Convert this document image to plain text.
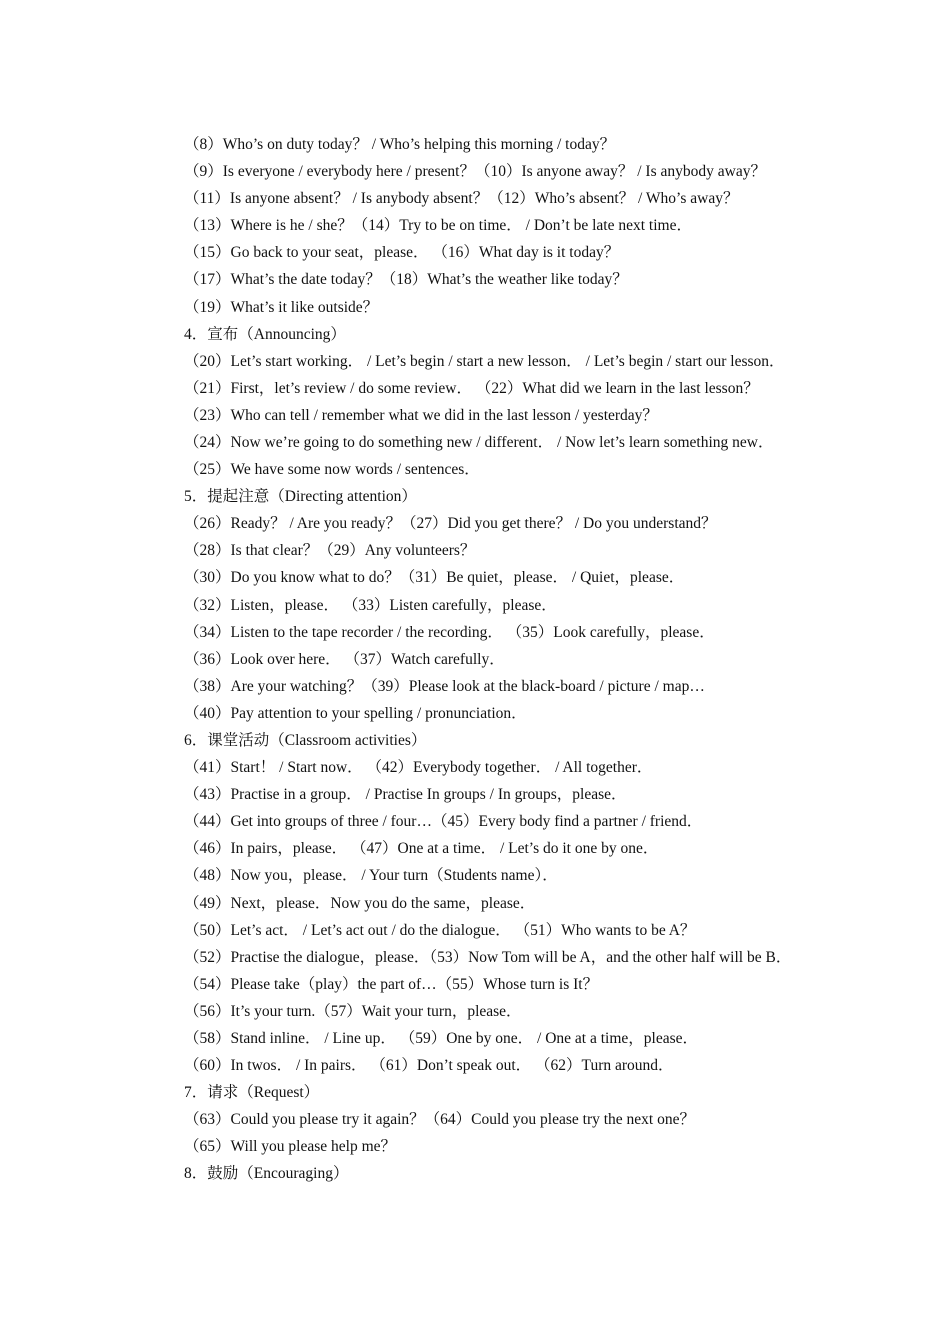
（8）Who’s on duty today？ / Who’s helping this morning / today？
（9）Is everyone / everybody here / present？（10）Is anyone away？ / Is anybody away？
（11）Is anyone absent？ / Is anybody absent？（12）Who’s absent？ / Who’s away？
（13）Where is he / she？（14）Try to be on time． / Don’t be late next time．
（15）Go back to your seat，please． （16）What day is it today？
（17）What’s the date today？（18）What’s the weather like today？
（19）What’s it like outside？
4．宣布（Announcing）
（20）Let’s start working． / Let’s begin / start a new lesson． / Let’s begin / start our lesson．
（21）First，let’s review / do some review． （22）What did we learn in the last lesson？
（23）Who can tell / remember what we did in the last lesson / yesterday？
（24）Now we’re going to do something new / different． / Now let’s learn something new．
（25）We have some now words / sentences．
5．提起注意（Directing attention）
（26）Ready？ / Are you ready？（27）Did you get there？ / Do you understand？
（28）Is that clear？（29）Any volunteers？
（30）Do you know what to do？（31）Be quiet，please． / Quiet，please．
（32）Listen，please． （33）Listen carefully，please．
（34）Listen to the tape recorder / the recording． （35）Look carefully，please．
（36）Look over here． （37）Watch carefully．
（38）Are your watching？（39）Please look at the black-board / picture / map…
（40）Pay attention to your spelling / pronunciation．
6．课堂活动（Classroom activities）
（41）Start！ / Start now． （42）Everybody together． / All together．
（43）Practise in a group． / Practise In groups / In groups，please．
（44）Get into groups of three / four…（45）Every body find a partner / friend．
（46）In pairs，please． （47）One at a time． / Let’s do it one by one．
（48）Now you，please． / Your turn（Students name）．
（49）Next，please．Now you do the same，please．
（50）Let’s act． / Let’s act out / do the dialogue． （51）Who wants to be A？
（52）Practise the dialogue，please．（53）Now Tom will be A，and the other half will be B．
（54）Please take（play）the part of…（55）Whose turn is It？
（56）It’s your turn.（57）Wait your turn，please．
（58）Stand inline． / Line up． （59）One by one． / One at a time，please．
（60）In twos． / In pairs． （61）Don’t speak out． （62）Turn around．
7．请求（Request）
（63）Could you please try it again？（64）Could you please try the next one？
（65）Will you please help me？
8．鼓励（Encouraging）
